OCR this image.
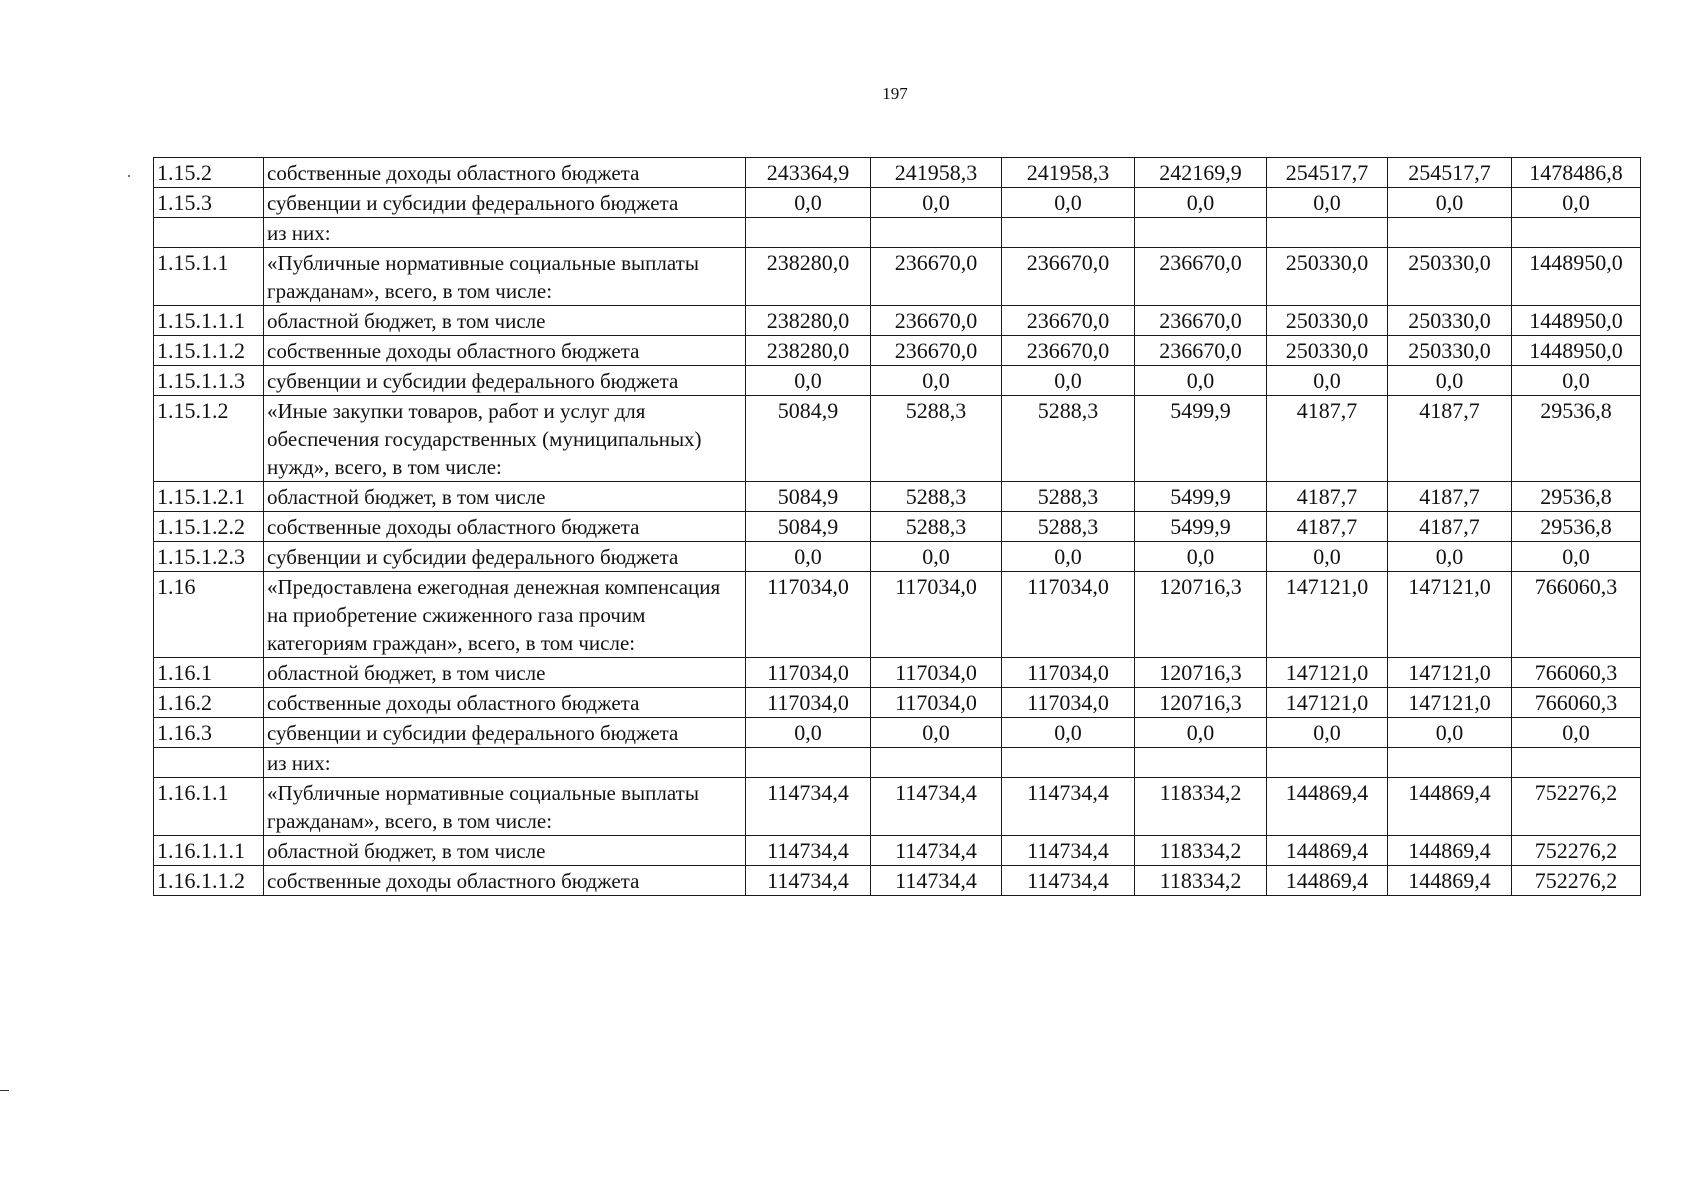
197
1.15.2	собственные доходы областного бюджета	243364,9	241958,3	241958,3	242169,9	254517,7	254517,7	1478486,8
1.15.3	субвенции и субсидии федерального бюджета	0,0	0,0	0,0	0,0	0,0	0,0	0,0
	из них:							
1.15.1.1	«Публичные нормативные социальные выплаты гражданам», всего, в том числе:	238280,0	236670,0	236670,0	236670,0	250330,0	250330,0	1448950,0
1.15.1.1.1	областной бюджет, в том числе	238280,0	236670,0	236670,0	236670,0	250330,0	250330,0	1448950,0
1.15.1.1.2	собственные доходы областного бюджета	238280,0	236670,0	236670,0	236670,0	250330,0	250330,0	1448950,0
1.15.1.1.3	субвенции и субсидии федерального бюджета	0,0	0,0	0,0	0,0	0,0	0,0	0,0
1.15.1.2	«Иные закупки товаров, работ и услуг для обеспечения государственных (муниципальных) нужд», всего, в том числе:	5084,9	5288,3	5288,3	5499,9	4187,7	4187,7	29536,8
1.15.1.2.1	областной бюджет, в том числе	5084,9	5288,3	5288,3	5499,9	4187,7	4187,7	29536,8
1.15.1.2.2	собственные доходы областного бюджета	5084,9	5288,3	5288,3	5499,9	4187,7	4187,7	29536,8
1.15.1.2.3	субвенции и субсидии федерального бюджета	0,0	0,0	0,0	0,0	0,0	0,0	0,0
1.16	«Предоставлена ежегодная денежная компенсация на приобретение сжиженного газа прочим категориям граждан», всего, в том числе:	117034,0	117034,0	117034,0	120716,3	147121,0	147121,0	766060,3
1.16.1	областной бюджет, в том числе	117034,0	117034,0	117034,0	120716,3	147121,0	147121,0	766060,3
1.16.2	собственные доходы областного бюджета	117034,0	117034,0	117034,0	120716,3	147121,0	147121,0	766060,3
1.16.3	субвенции и субсидии федерального бюджета	0,0	0,0	0,0	0,0	0,0	0,0	0,0
	из них:							
1.16.1.1	«Публичные нормативные социальные выплаты гражданам», всего, в том числе:	114734,4	114734,4	114734,4	118334,2	144869,4	144869,4	752276,2
1.16.1.1.1	областной бюджет, в том числе	114734,4	114734,4	114734,4	118334,2	144869,4	144869,4	752276,2
1.16.1.1.2	собственные доходы областного бюджета	114734,4	114734,4	114734,4	118334,2	144869,4	144869,4	752276,2
